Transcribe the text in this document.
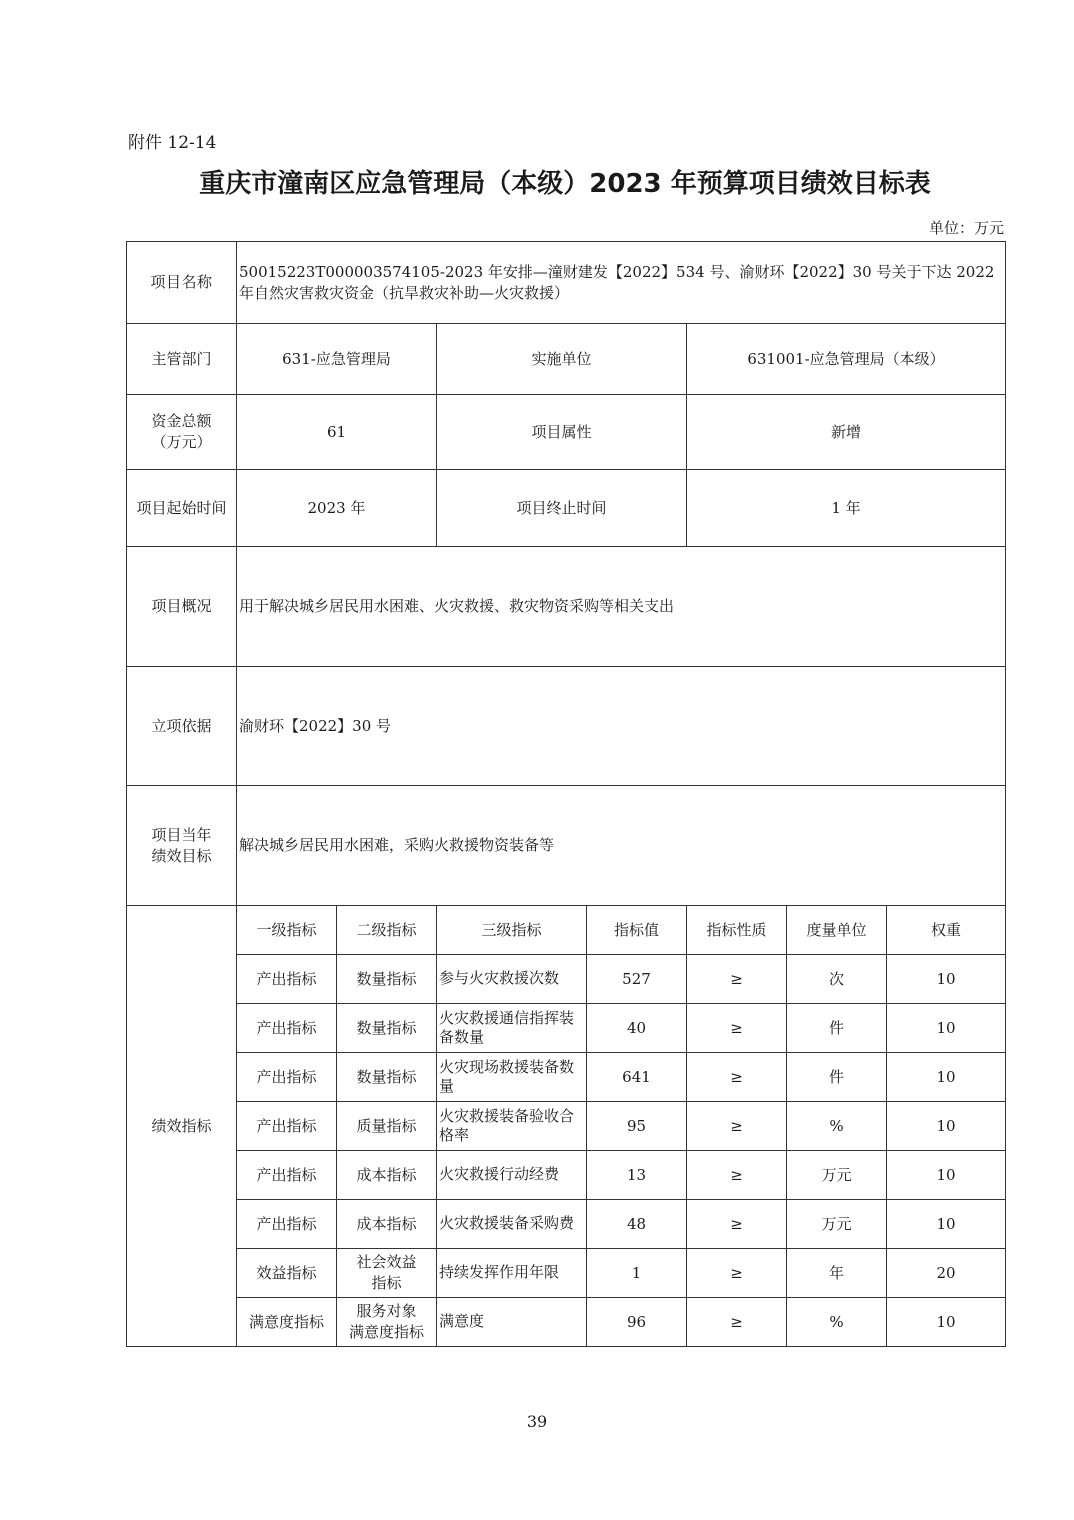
附件 12-14
重庆市潼南区应急管理局（本级）2023 年预算项目绩效目标表
单位：万元
项目名称	50015223T000003574105-2023 年安排—潼财建发【2022】534 号、渝财环【2022】30 号关于下达 2022 年自然灾害救灾资金（抗旱救灾补助—火灾救援）						
主管部门	631-应急管理局		实施单位		631001-应急管理局（本级）		

资金总额
（万元）	61		项目属性		新增		
项目起始时间	2023 年		项目终止时间		1 年		
项目概况	用于解决城乡居民用水困难、火灾救援、救灾物资采购等相关支出						
立项依据	渝财环【2022】30 号						

项目当年
绩效目标	解决城乡居民用水困难，采购火救援物资装备等						
绩效指标	一级指标	二级指标	三级指标	指标值	指标性质	度量单位	权重
	产出指标	数量指标	参与火灾救援次数	527	≥	次	10
	产出指标	数量指标	火灾救援通信指挥装备数量	40	≥	件	10
	产出指标	数量指标	火灾现场救援装备数量	641	≥	件	10
	产出指标	质量指标	火灾救援装备验收合格率	95	≥	%	10
	产出指标	成本指标	火灾救援行动经费	13	≥	万元	10
	产出指标	成本指标	火灾救援装备采购费	48	≥	万元	10
	效益指标	社会效益
指标	持续发挥作用年限	1	≥	年	20
	满意度指标	服务对象
满意度指标	满意度	96	≥	%	10
39
